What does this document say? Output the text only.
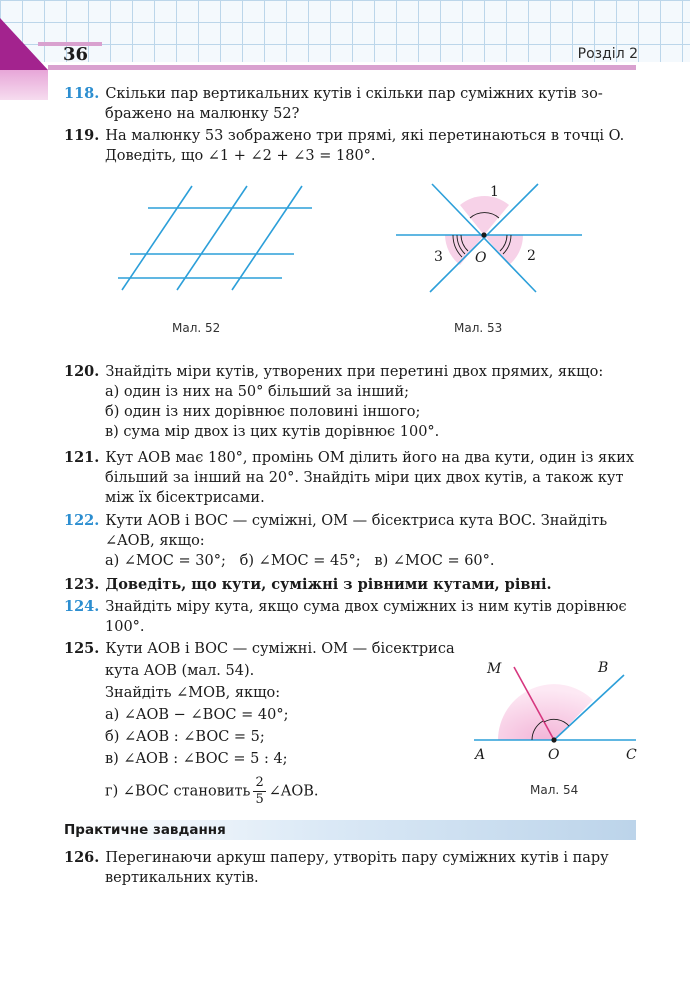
36	Розділ 2
118. Скільки пар вертикальних кутів і скільки пар суміжних кутів зо-
бражено на малюнку 52?
119. На малюнку 53 зображено три прямі, які перетинаються в точці O.
Доведіть, що ∠1 + ∠2 + ∠3 = 180°.
Мал. 52
1
2
3 O
Мал. 53
120. Знайдіть міри кутів, утворених при перетині двох прямих, якщо:
а) один із них на 50° більший за інший;
б) один із них дорівнює половині іншого;
в) сума мір двох із цих кутів дорівнює 100°.
121. Кут AOB має 180°, промінь OM ділить його на два кути, один із яких
більший за інший на 20°. Знайдіть міри цих двох кутів, а також кут
між їх бісектрисами.
122. Кути AOB і BOC — суміжні, OM — бісектриса кута BOC. Знайдіть
∠AOB, якщо:
а) ∠MOC = 30°;   б) ∠MOC = 45°;   в) ∠MOC = 60°.
123. Доведіть, що кути, суміжні з рівними кутами, рівні.
124. Знайдіть міру кута, якщо сума двох суміжних із ним кутів дорівнює
100°.
125. Кути AOB і BOC — суміжні. OM — бісектриса
кута AOB (мал. 54).
Знайдіть ∠MOB, якщо:
а) ∠AOB − ∠BOC = 40°;
б) ∠AOB : ∠BOC = 5;
в) ∠AOB : ∠BOC = 5 : 4;
г) ∠BOC становить $\frac{2}{5}$ ∠AOB.
M	B
A	O	C
Мал. 54
Практичне завдання
126. Перегинаючи аркуш паперу, утворіть пару суміжних кутів і пару
вертикальних кутів.
